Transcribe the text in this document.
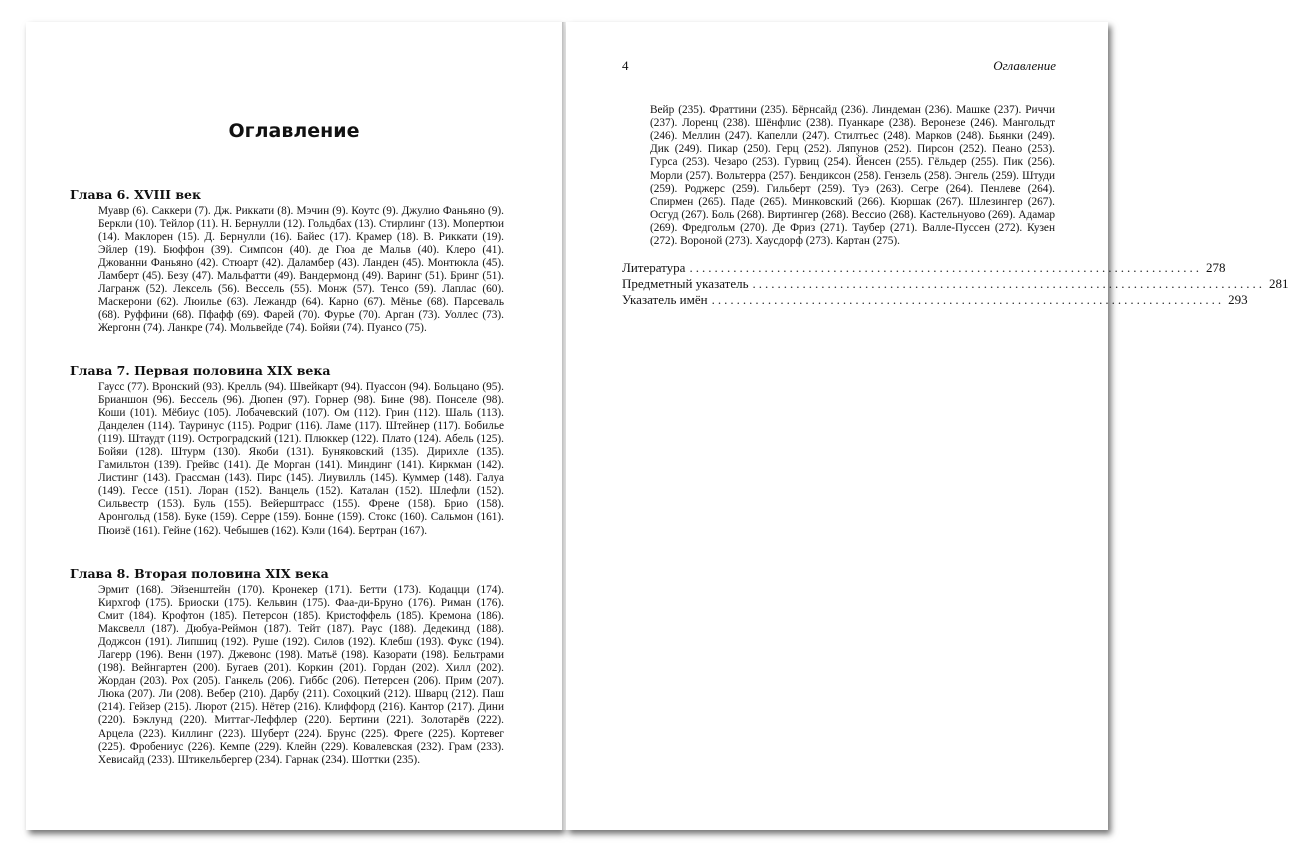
Оглавление
Глава 6. XVIII век

Муавр (6). Саккери (7). Дж. Риккати (8). Мэчин (9). Коутс (9). Джулио Фаньяно (9). Беркли (10). Тейлор (11). Н. Бернулли (12). Гольдбах (13). Стирлинг (13). Мопертюи (14). Маклорен (15). Д. Бернулли (16). Байес (17). Крамер (18). В. Риккати (19). Эйлер (19). Бюффон (39). Симпсон (40). де Гюа де Мальв (40). Клеро (41). Джованни Фаньяно (42). Стюарт (42). Даламбер (43). Ланден (45). Монтюкла (45). Ламберт (45). Безу (47). Мальфатти (49). Вандермонд (49). Варинг (51). Бринг (51). Лагранж (52). Лексель (56). Вессель (55). Монж (57). Тенсо (59). Лаплас (60). Маскерони (62). Люильe (63). Лежандр (64). Карно (67). Мёнье (68). Парсеваль (68). Руффини (68). Пфафф (69). Фарей (70). Фурье (70). Арган (73). Уоллес (73). Жергонн (74). Ланкре (74). Мольвейде (74). Бойяи (74). Пуансо (75).

Глава 7. Первая половина XIX века

Гаусс (77). Вронский (93). Крелль (94). Швейкарт (94). Пуассон (94). Больцано (95). Брианшон (96). Бессель (96). Дюпен (97). Горнер (98). Бине (98). Понселе (98). Коши (101). Мёбиус (105). Лобачевский (107). Ом (112). Грин (112). Шаль (113). Данделен (114). Тауринус (115). Родриг (116). Ламе (117). Штейнер (117). Бобилье (119). Штаудт (119). Остроградский (121). Плюккер (122). Плато (124). Абель (125). Бойяи (128). Штурм (130). Якоби (131). Буняковский (135). Дирихле (135). Гамильтон (139). Грейвс (141). Де Морган (141). Миндинг (141). Киркман (142). Листинг (143). Грассман (143). Пирс (145). Лиувилль (145). Куммер (148). Галуа (149). Гессе (151). Лоран (152). Ванцель (152). Каталан (152). Шлефли (152). Сильвестр (153). Буль (155). Вейерштрасс (155). Френе (158). Брио (158). Аронгольд (158). Буке (159). Серре (159). Бонне (159). Стокс (160). Сальмон (161). Пюизё (161). Гейне (162). Чебышев (162). Кэли (164). Бертран (167).

Глава 8. Вторая половина XIX века

Эрмит (168). Эйзенштейн (170). Кронекер (171). Бетти (173). Кодацци (174). Кирхгоф (175). Бриоски (175). Кельвин (175). Фаа-ди-Бруно (176). Риман (176). Смит (184). Крофтон (185). Петерсон (185). Кристоффель (185). Кремона (186). Максвелл (187). Дюбуа-Реймон (187). Тейт (187). Раус (188). Дедекинд (188). Доджсон (191). Липшиц (192). Руше (192). Силов (192). Клебш (193). Фукс (194). Лагерр (196). Венн (197). Джевонс (198). Матьё (198). Казорати (198). Бельтрами (198). Вейнгартен (200). Бугаев (201). Коркин (201). Гордан (202). Хилл (202). Жордан (203). Рох (205). Ганкель (206). Гиббс (206). Петерсен (206). Прим (207). Люка (207). Ли (208). Вебер (210). Дарбу (211). Сохоцкий (212). Шварц (212). Паш (214). Гейзер (215). Люрот (215). Нётер (216). Клиффорд (216). Кантор (217). Дини (220). Бэклунд (220). Миттаг-Леффлер (220). Бертини (221). Золотарёв (222). Арцела (223). Киллинг (223). Шуберт (224). Брунс (225). Фреге (225). Кортевег (225). Фробениус (226). Кемпе (229). Клейн (229). Ковалевская (232). Грам (233). Хевисайд (233). Штикельбергер (234). Гарнак (234). Шоттки (235).

4	Оглавление

Вейр (235). Фраттини (235). Бёрнсайд (236). Линдеман (236). Машке (237). Риччи (237). Лоренц (238). Шёнфлис (238). Пуанкаре (238). Веронезе (246). Мангольдт (246). Меллин (247). Капелли (247). Стилтьес (248). Марков (248). Бьянки (249). Дик (249). Пикар (250). Герц (252). Ляпунов (252). Пирсон (252). Пеано (253). Гурса (253). Чезаро (253). Гурвиц (254). Йенсен (255). Гёльдер (255). Пик (256). Морли (257). Вольтерра (257). Бендиксон (258). Гензель (258). Энгель (259). Штуди (259). Роджерс (259). Гильберт (259). Туэ (263). Сегре (264). Пенлеве (264). Спирмен (265). Паде (265). Минковский (266). Кюршак (267). Шлезингер (267). Осгуд (267). Боль (268). Виртингер (268). Вессио (268). Кастельнуово (269). Адамар (269). Фредгольм (270). Де Фриз (271). Таубер (271). Валле-Пуссен (272). Кузен (272). Вороной (273). Хаусдорф (273). Картан (275).

Литература .................................................................................. 278
Предметный указатель .................................................................................. 281
Указатель имён .................................................................................. 293
